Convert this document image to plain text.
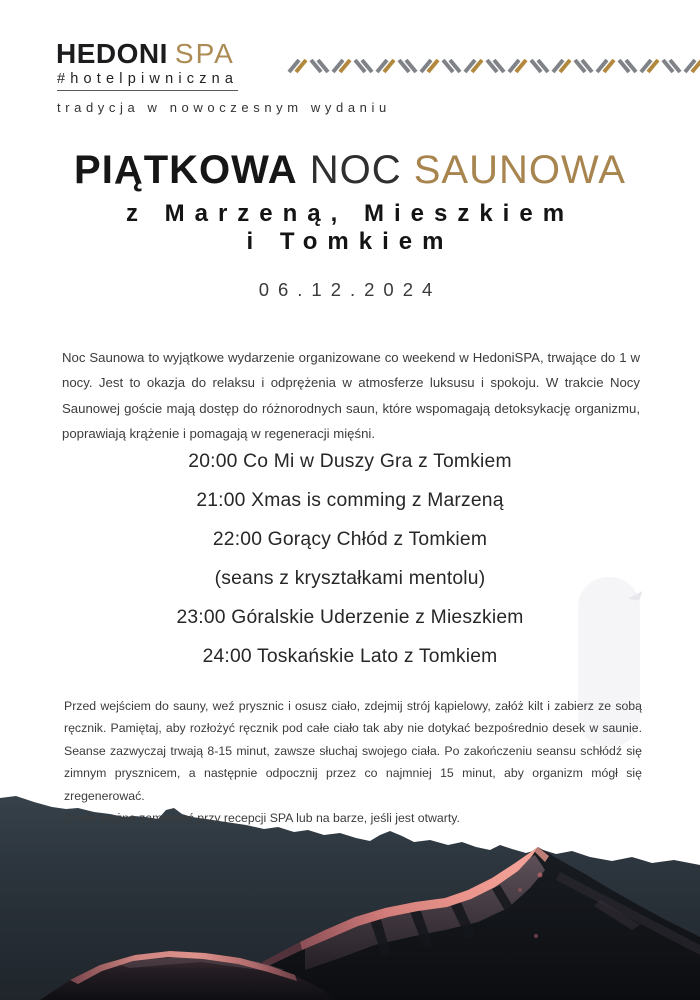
HEDONI SPA
#hotelpiwniczna
tradycja w nowoczesnym wydaniu
PIĄTKOWA NOC SAUNOWA
z Marzeną, Mieszkiem
i Tomkiem
06.12.2024

Noc Saunowa to wyjątkowe wydarzenie organizowane co weekend w HedoniSPA, trwające do 1 w nocy. Jest to okazja do relaksu i odprężenia w atmosferze luksusu i spokoju. W trakcie Nocy Saunowej goście mają dostęp do różnorodnych saun, które wspomagają detoksykację organizmu, poprawiają krążenie i pomagają w regeneracji mięśni.

20:00 Co Mi w Duszy Gra z Tomkiem
21:00 Xmas is comming z Marzeną
22:00 Gorący Chłód z Tomkiem
(seans z kryształkami mentolu)
23:00 Góralskie Uderzenie z Mieszkiem
24:00 Toskańskie Lato z Tomkiem
Przed wejściem do sauny, weź prysznic i osusz ciało, zdejmij strój kąpielowy, załóż kilt i zabierz ze sobą ręcznik. Pamiętaj, aby rozłożyć ręcznik pod całe ciało tak aby nie dotykać bezpośrednio desek w saunie. Seanse zazwyczaj trwają 8-15 minut, zawsze słuchaj swojego ciała. Po zakończeniu seansu schłódź się zimnym prysznicem, a następnie odpocznij przez co najmniej 15 minut, aby organizm mógł się zregenerować.
Drinki można zamawiać przy recepcji SPA lub na barze, jeśli jest otwarty.
